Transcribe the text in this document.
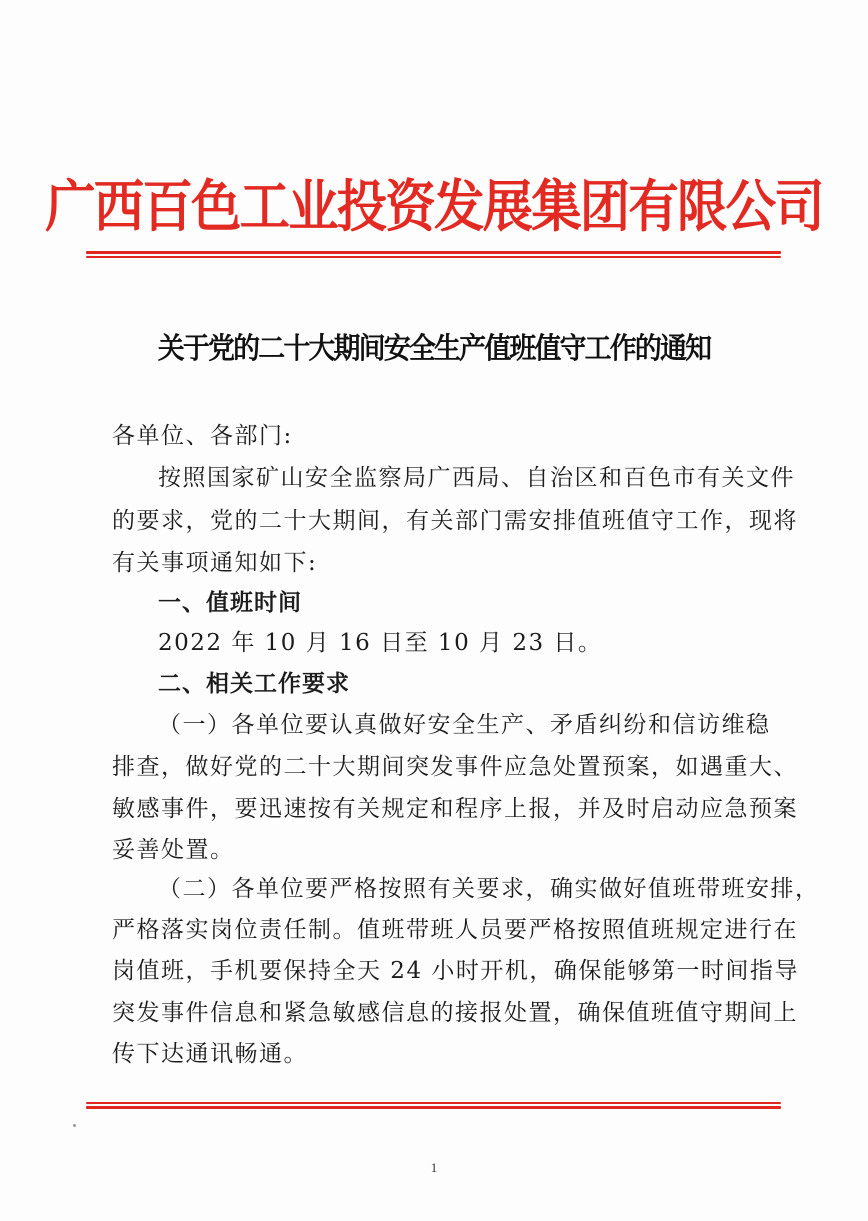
广西百色工业投资发展集团有限公司
关于党的二十大期间安全生产值班值守工作的通知
各单位、各部门:
按照国家矿山安全监察局广西局、自治区和百色市有关文件
的要求，党的二十大期间，有关部门需安排值班值守工作，现将
有关事项通知如下:
一、值班时间
2022 年 10 月 16 日至 10 月 23 日。
二、相关工作要求
（一）各单位要认真做好安全生产、矛盾纠纷和信访维稳
排查，做好党的二十大期间突发事件应急处置预案，如遇重大、
敏感事件，要迅速按有关规定和程序上报，并及时启动应急预案
妥善处置。
（二）各单位要严格按照有关要求，确实做好值班带班安排，
严格落实岗位责任制。值班带班人员要严格按照值班规定进行在
岗值班，手机要保持全天 24 小时开机，确保能够第一时间指导
突发事件信息和紧急敏感信息的接报处置，确保值班值守期间上
传下达通讯畅通。
1
